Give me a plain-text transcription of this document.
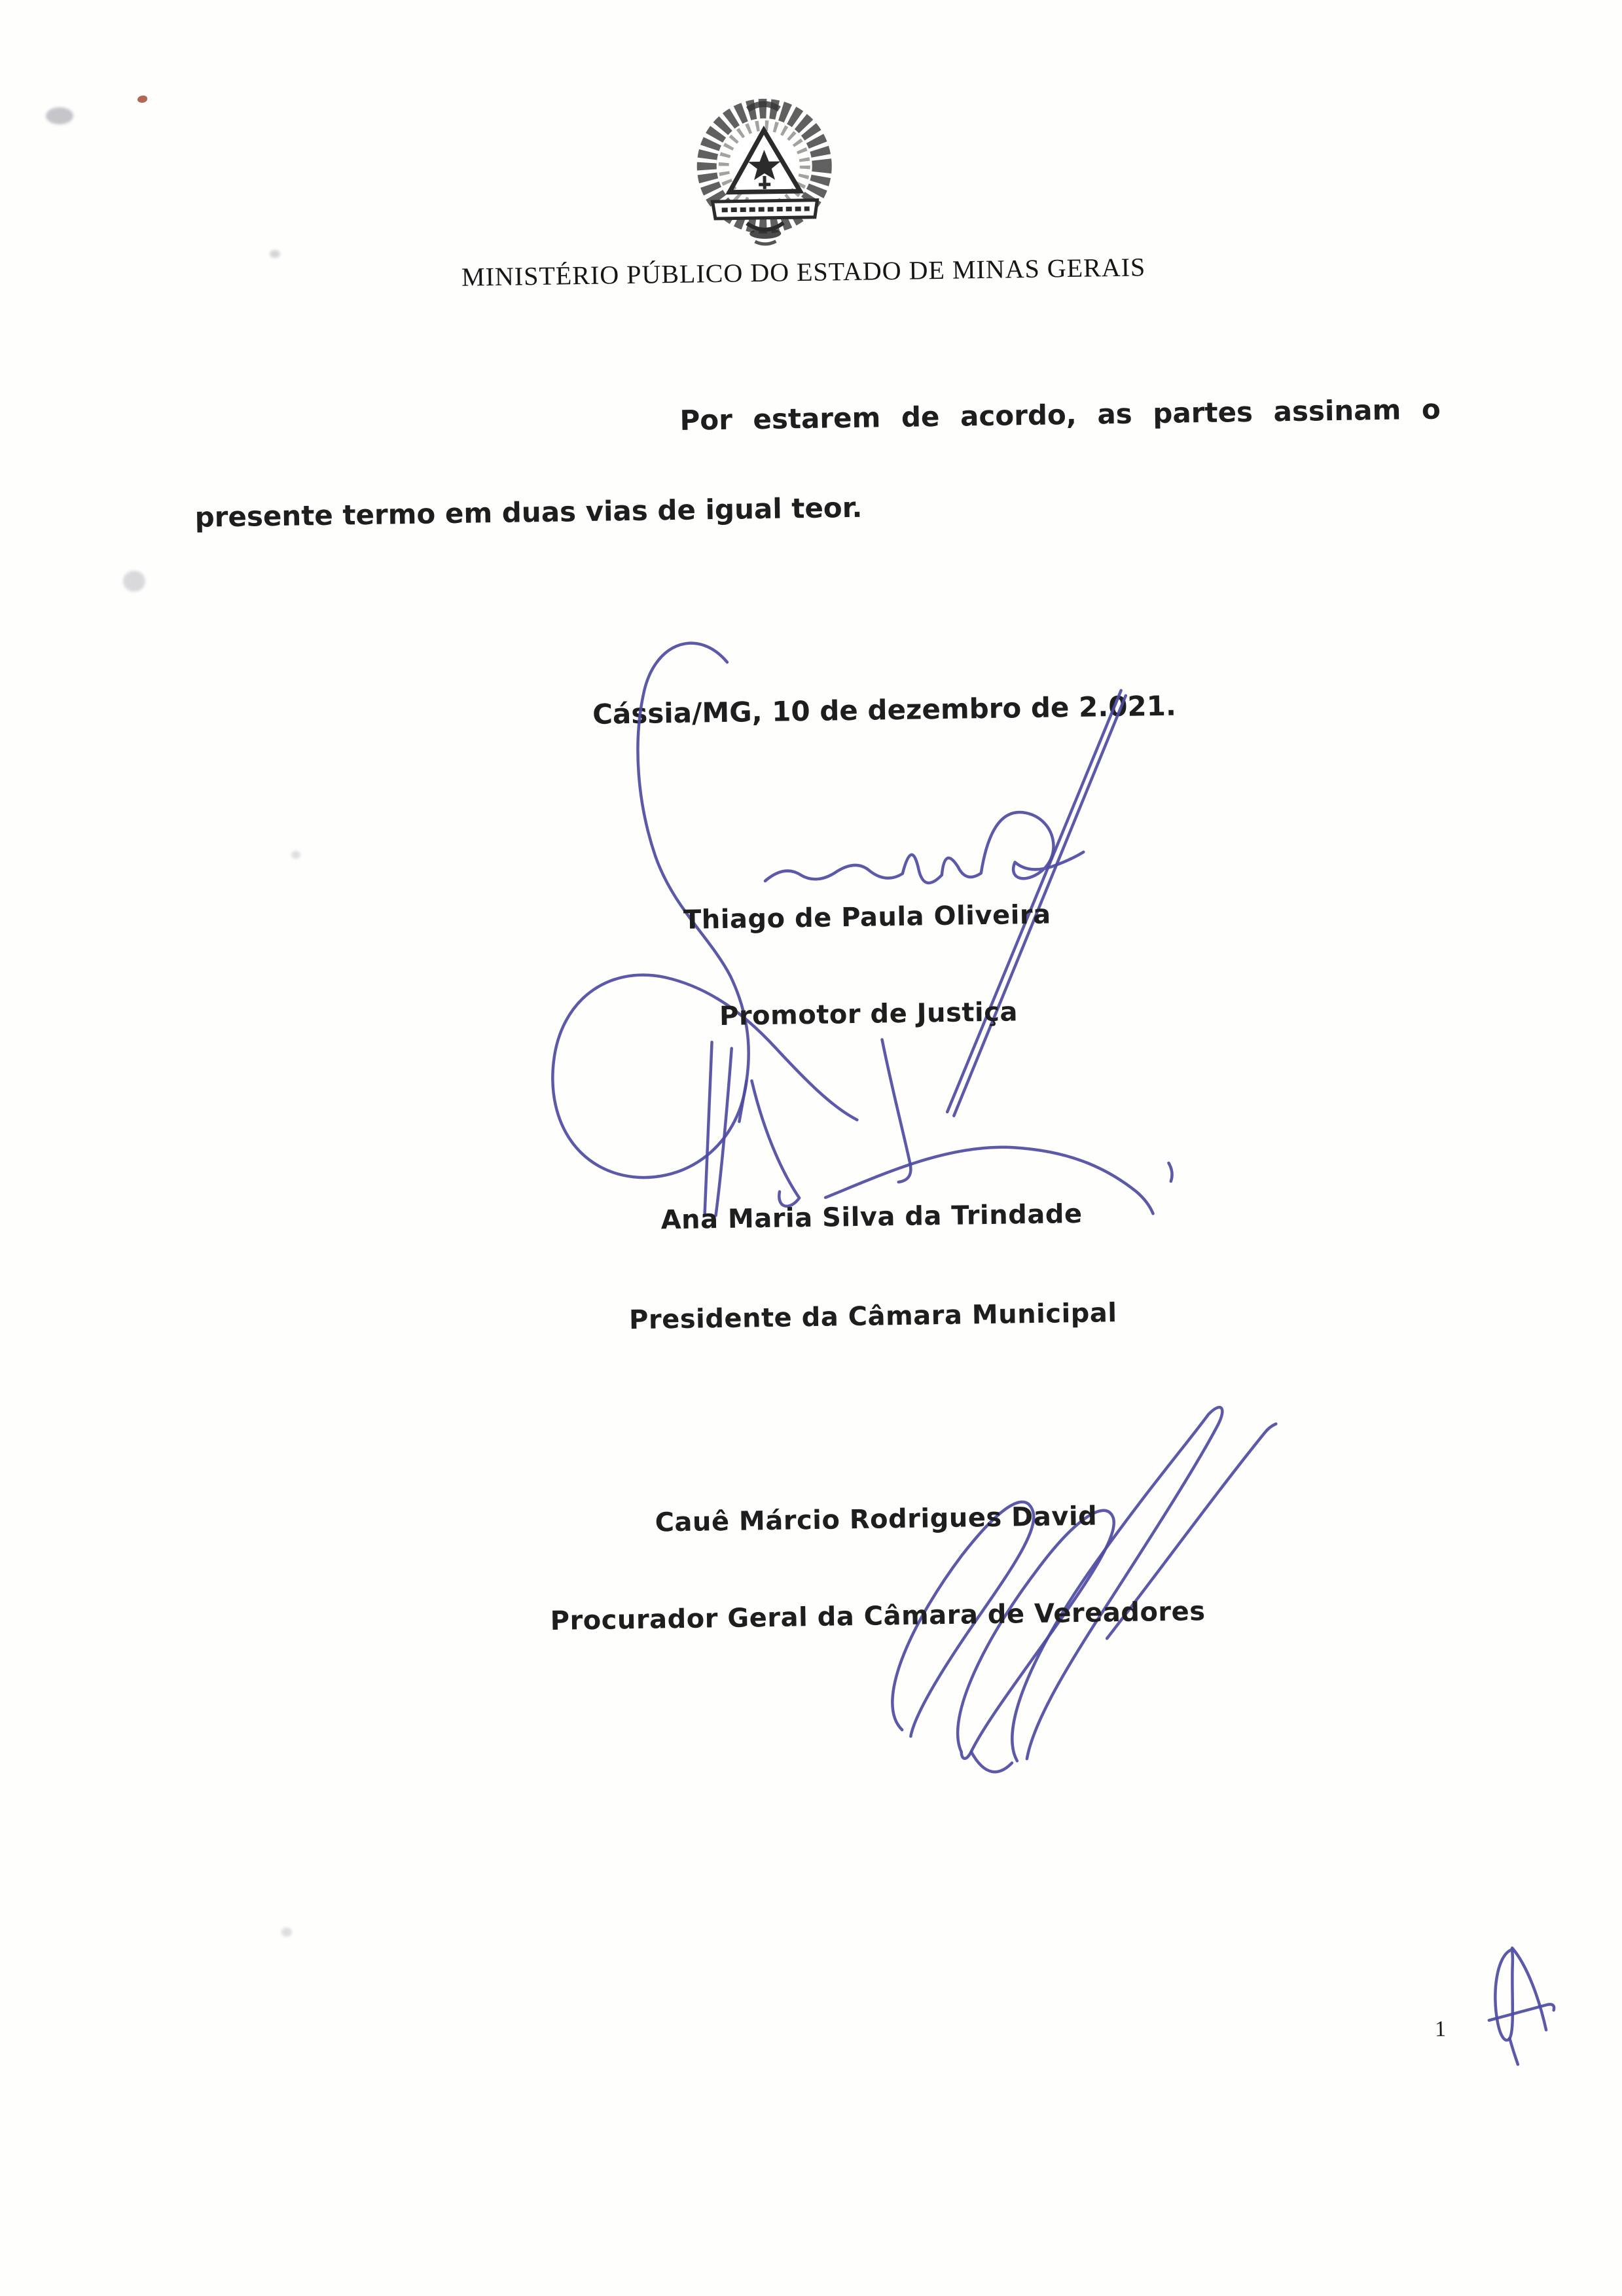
MINISTÉRIO PÚBLICO DO ESTADO DE MINAS GERAIS
Por estarem de acordo, as partes assinam o
presente termo em duas vias de igual teor.
Cássia/MG, 10 de dezembro de 2.021.
Thiago de Paula Oliveira
Promotor de Justiça
Ana Maria Silva da Trindade
Presidente da Câmara Municipal
Cauê Márcio Rodrigues David
Procurador Geral da Câmara de Vereadores
1
